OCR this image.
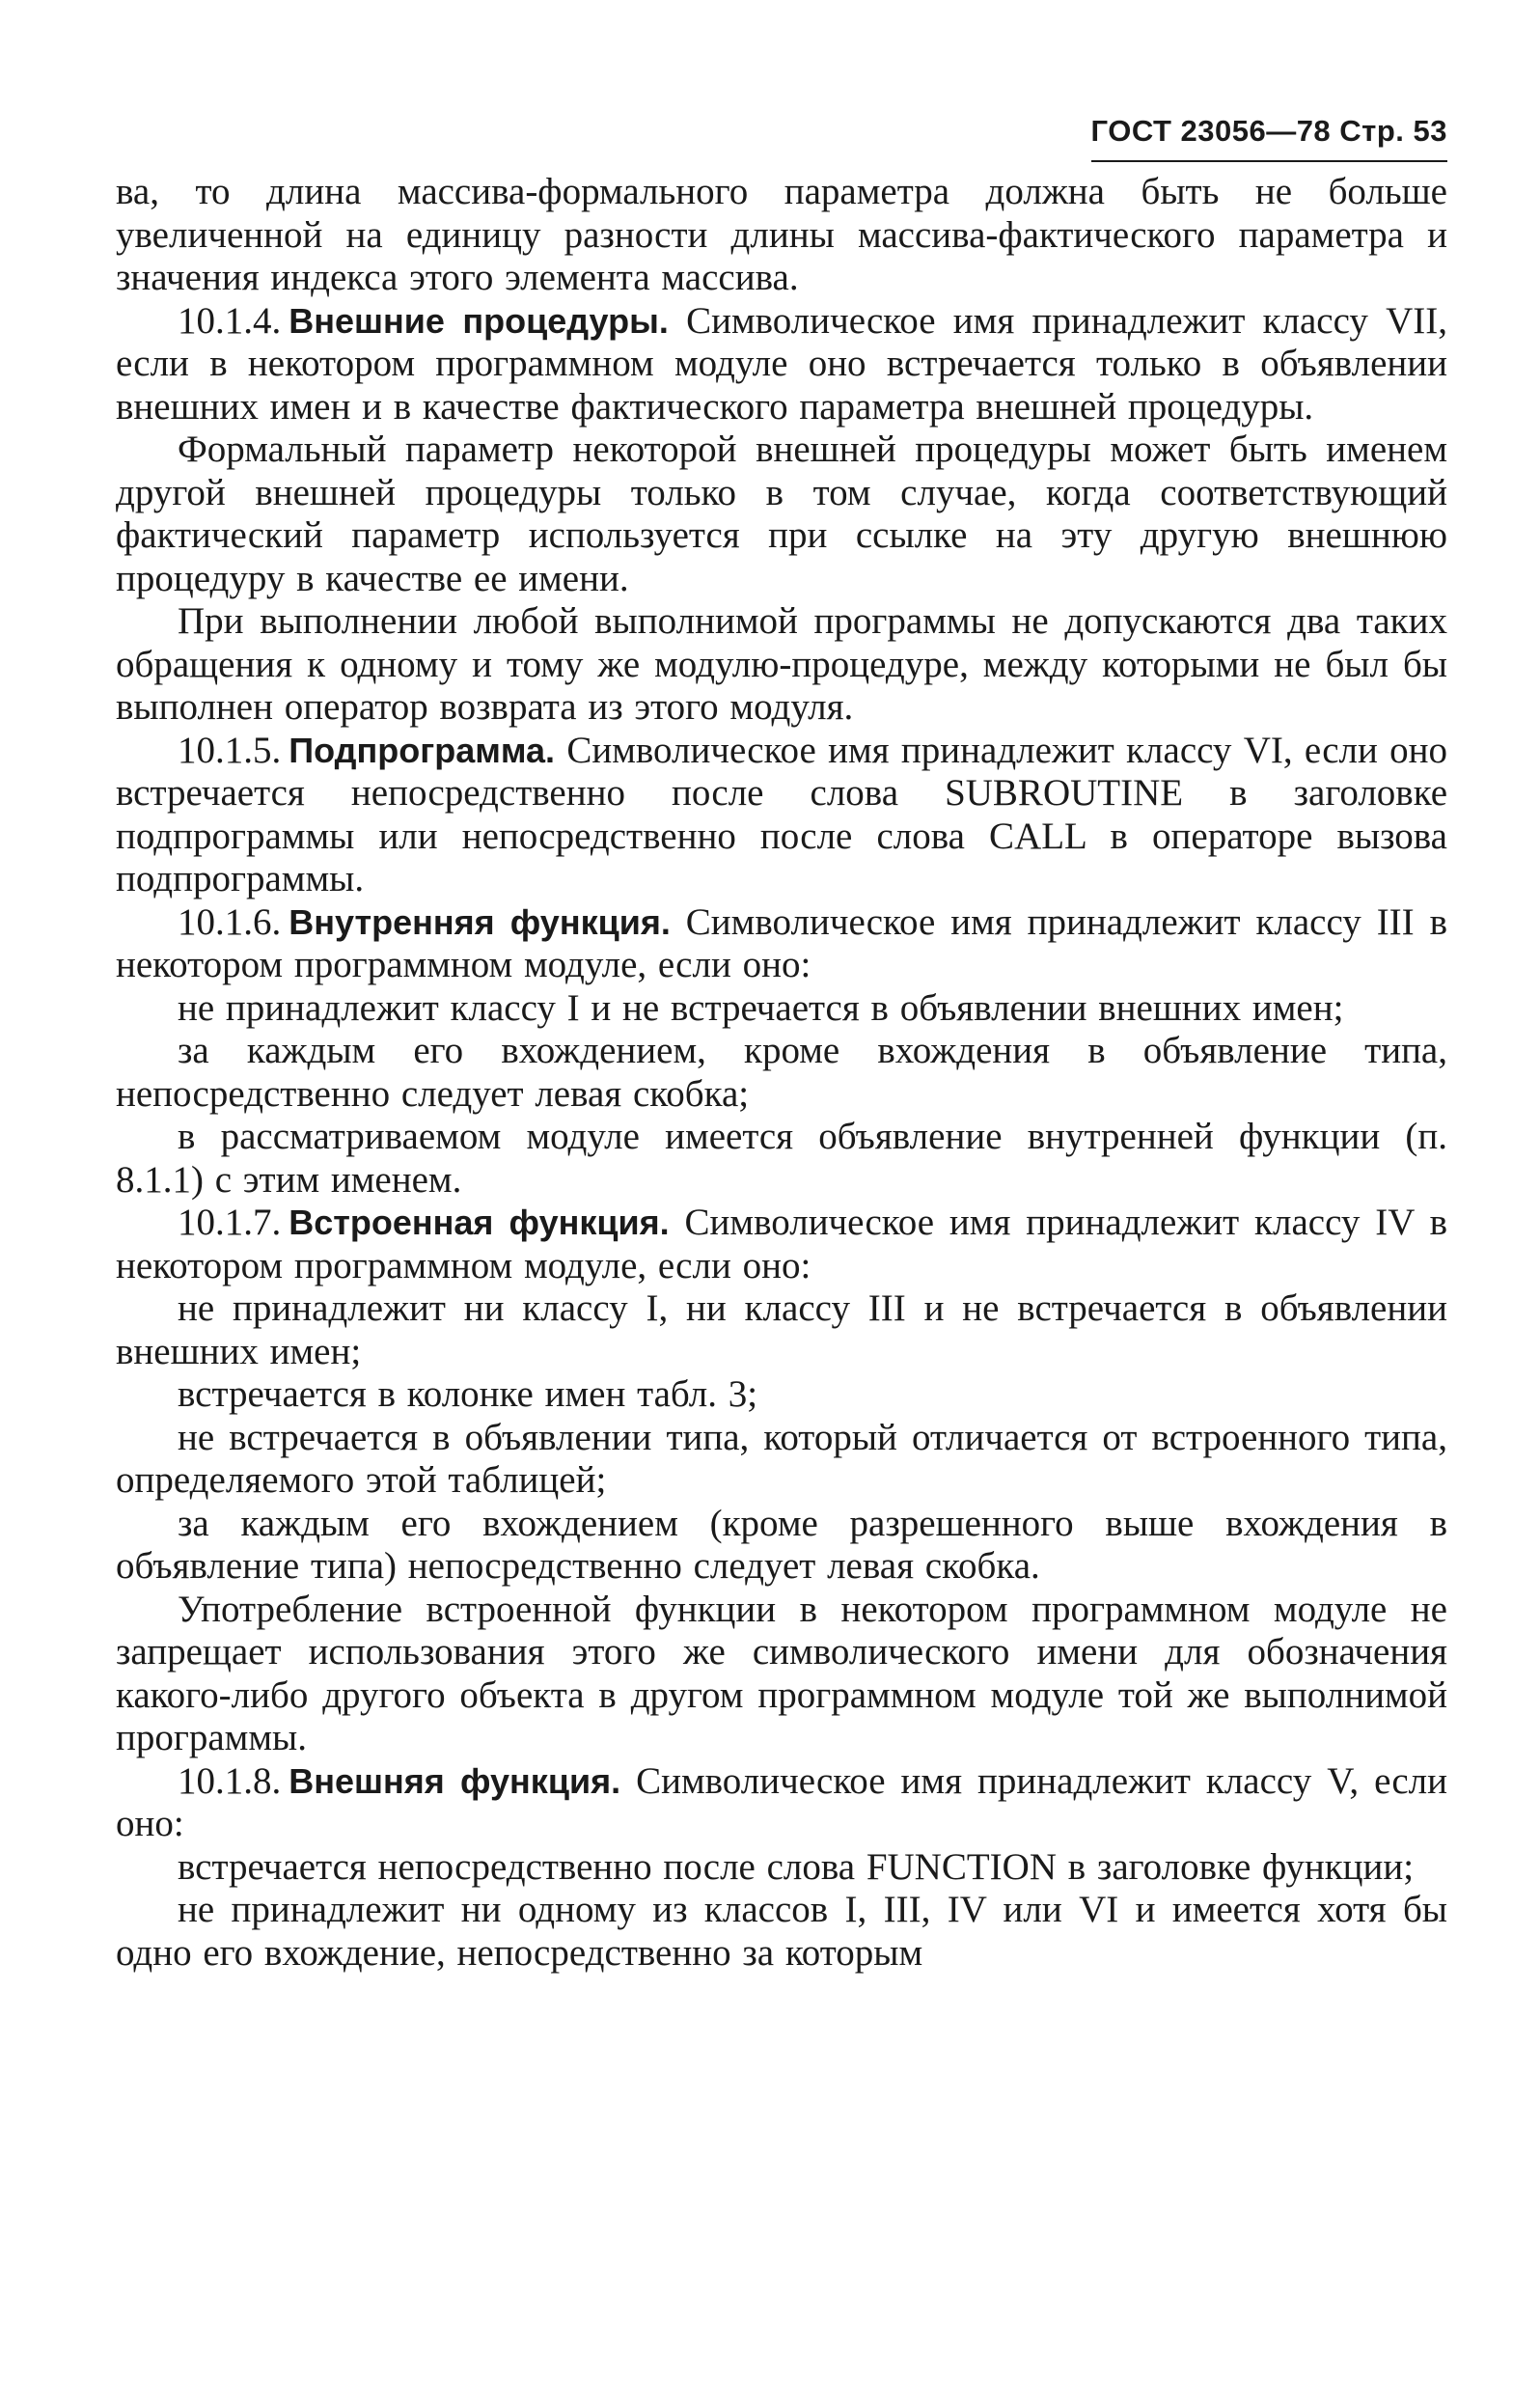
ГОСТ 23056—78 Стр. 53

ва, то длина массива-формального параметра должна быть не больше увеличенной на единицу разности длины массива-фактического параметра и значения индекса этого элемента массива.

10.1.4. Внешние процедуры. Символическое имя принадлежит классу VII, если в некотором программном модуле оно встречается только в объявлении внешних имен и в качестве фактического параметра внешней процедуры.

Формальный параметр некоторой внешней процедуры может быть именем другой внешней процедуры только в том случае, когда соответствующий фактический параметр используется при ссылке на эту другую внешнюю процедуру в качестве ее имени.

При выполнении любой выполнимой программы не допускаются два таких обращения к одному и тому же модулю-процедуре, между которыми не был бы выполнен оператор возврата из этого модуля.

10.1.5. Подпрограмма. Символическое имя принадлежит классу VI, если оно встречается непосредственно после слова SUBROUTINE в заголовке подпрограммы или непосредственно после слова CALL в операторе вызова подпрограммы.

10.1.6. Внутренняя функция. Символическое имя принадлежит классу III в некотором программном модуле, если оно:

не принадлежит классу I и не встречается в объявлении внешних имен;

за каждым его вхождением, кроме вхождения в объявление типа, непосредственно следует левая скобка;

в рассматриваемом модуле имеется объявление внутренней функции (п. 8.1.1) с этим именем.

10.1.7. Встроенная функция. Символическое имя принадлежит классу IV в некотором программном модуле, если оно:

не принадлежит ни классу I, ни классу III и не встречается в объявлении внешних имен;

встречается в колонке имен табл. 3;

не встречается в объявлении типа, который отличается от встроенного типа, определяемого этой таблицей;

за каждым его вхождением (кроме разрешенного выше вхождения в объявление типа) непосредственно следует левая скобка.

Употребление встроенной функции в некотором программном модуле не запрещает использования этого же символического имени для обозначения какого-либо другого объекта в другом программном модуле той же выполнимой программы.

10.1.8. Внешняя функция. Символическое имя принадлежит классу V, если оно:

встречается непосредственно после слова FUNCTION в заголовке функции;

не принадлежит ни одному из классов I, III, IV или VI и имеется хотя бы одно его вхождение, непосредственно за которым
